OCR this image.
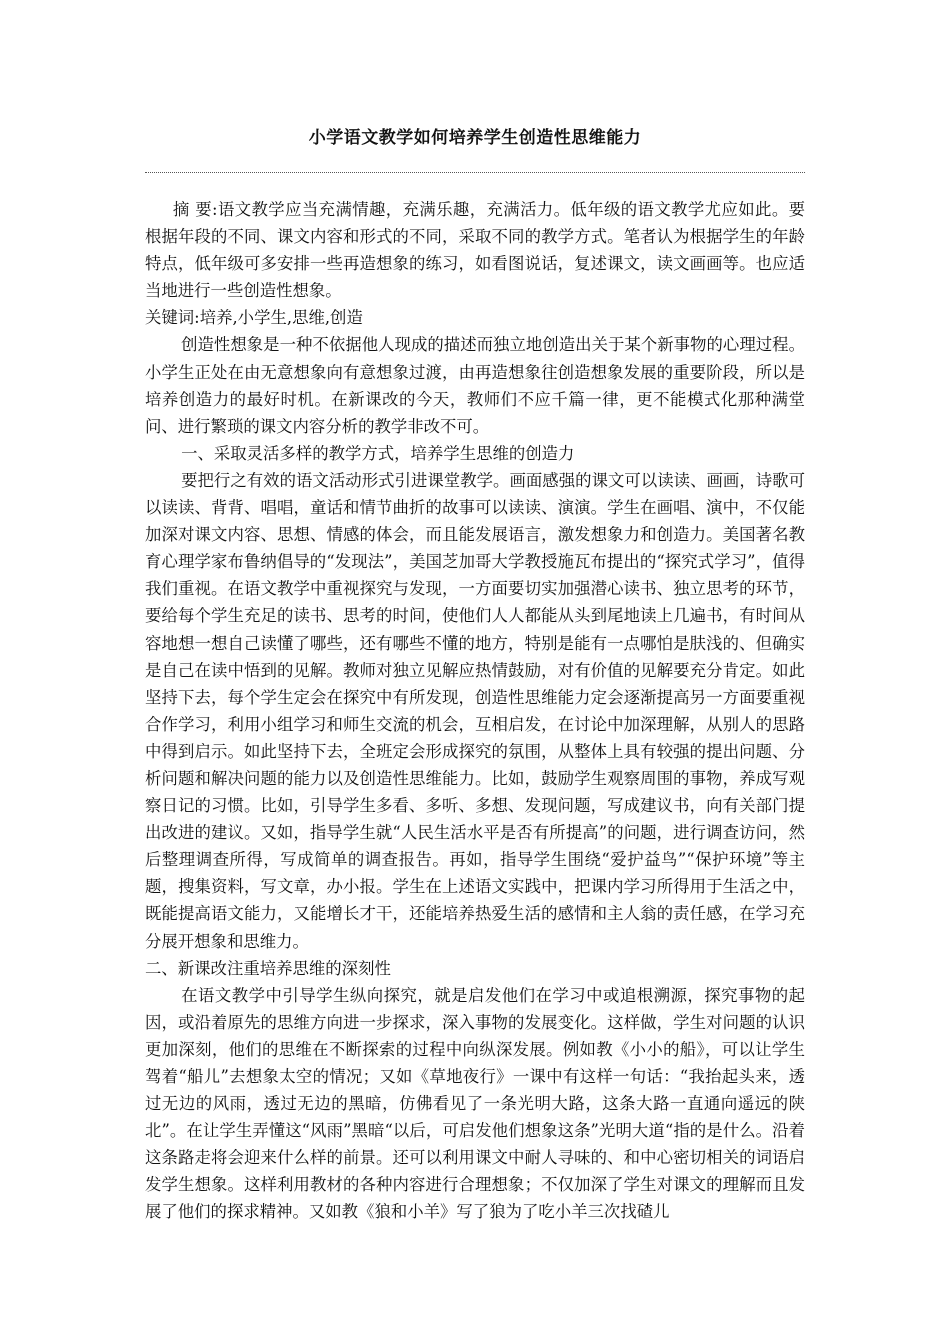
小学语文教学如何培养学生创造性思维能力

摘 要:语文教学应当充满情趣，充满乐趣，充满活力。低年级的语文教学尤应如此。要根据年段的不同、课文内容和形式的不同，采取不同的教学方式。笔者认为根据学生的年龄特点，低年级可多安排一些再造想象的练习，如看图说话，复述课文，读文画画等。也应适当地进行一些创造性想象。

关键词:培养,小学生,思维,创造

创造性想象是一种不依据他人现成的描述而独立地创造出关于某个新事物的心理过程。小学生正处在由无意想象向有意想象过渡，由再造想象往创造想象发展的重要阶段，所以是培养创造力的最好时机。在新课改的今天，教师们不应千篇一律，更不能模式化那种满堂问、进行繁琐的课文内容分析的教学非改不可。

一、采取灵活多样的教学方式，培养学生思维的创造力

要把行之有效的语文活动形式引进课堂教学。画面感强的课文可以读读、画画，诗歌可以读读、背背、唱唱，童话和情节曲折的故事可以读读、演演。学生在画唱、演中，不仅能加深对课文内容、思想、情感的体会，而且能发展语言，激发想象力和创造力。美国著名教育心理学家布鲁纳倡导的“发现法”，美国芝加哥大学教授施瓦布提出的“探究式学习”，值得我们重视。在语文教学中重视探究与发现，一方面要切实加强潜心读书、独立思考的环节，要给每个学生充足的读书、思考的时间，使他们人人都能从头到尾地读上几遍书，有时间从容地想一想自己读懂了哪些，还有哪些不懂的地方，特别是能有一点哪怕是肤浅的、但确实是自己在读中悟到的见解。教师对独立见解应热情鼓励，对有价值的见解要充分肯定。如此坚持下去，每个学生定会在探究中有所发现，创造性思维能力定会逐渐提高另一方面要重视合作学习，利用小组学习和师生交流的机会，互相启发，在讨论中加深理解，从别人的思路中得到启示。如此坚持下去，全班定会形成探究的氛围，从整体上具有较强的提出问题、分析问题和解决问题的能力以及创造性思维能力。比如，鼓励学生观察周围的事物，养成写观察日记的习惯。比如，引导学生多看、多听、多想、发现问题，写成建议书，向有关部门提出改进的建议。又如，指导学生就“人民生活水平是否有所提高”的问题，进行调查访问，然后整理调查所得，写成简单的调查报告。再如，指导学生围绕“爱护益鸟”“保护环境”等主题，搜集资料，写文章，办小报。学生在上述语文实践中，把课内学习所得用于生活之中，既能提高语文能力，又能增长才干，还能培养热爱生活的感情和主人翁的责任感，在学习充分展开想象和思维力。

二、新课改注重培养思维的深刻性

在语文教学中引导学生纵向探究，就是启发他们在学习中或追根溯源，探究事物的起因，或沿着原先的思维方向进一步探求，深入事物的发展变化。这样做，学生对问题的认识更加深刻，他们的思维在不断探索的过程中向纵深发展。例如教《小小的船》，可以让学生驾着“船儿”去想象太空的情况；又如《草地夜行》一课中有这样一句话：“我抬起头来，透过无边的风雨，透过无边的黑暗，仿佛看见了一条光明大路，这条大路一直通向遥远的陕北”。在让学生弄懂这“风雨”黑暗“以后，可启发他们想象这条”光明大道“指的是什么。沿着这条路走将会迎来什么样的前景。还可以利用课文中耐人寻味的、和中心密切相关的词语启发学生想象。这样利用教材的各种内容进行合理想象；不仅加深了学生对课文的理解而且发展了他们的探求精神。又如教《狼和小羊》写了狼为了吃小羊三次找碴儿
